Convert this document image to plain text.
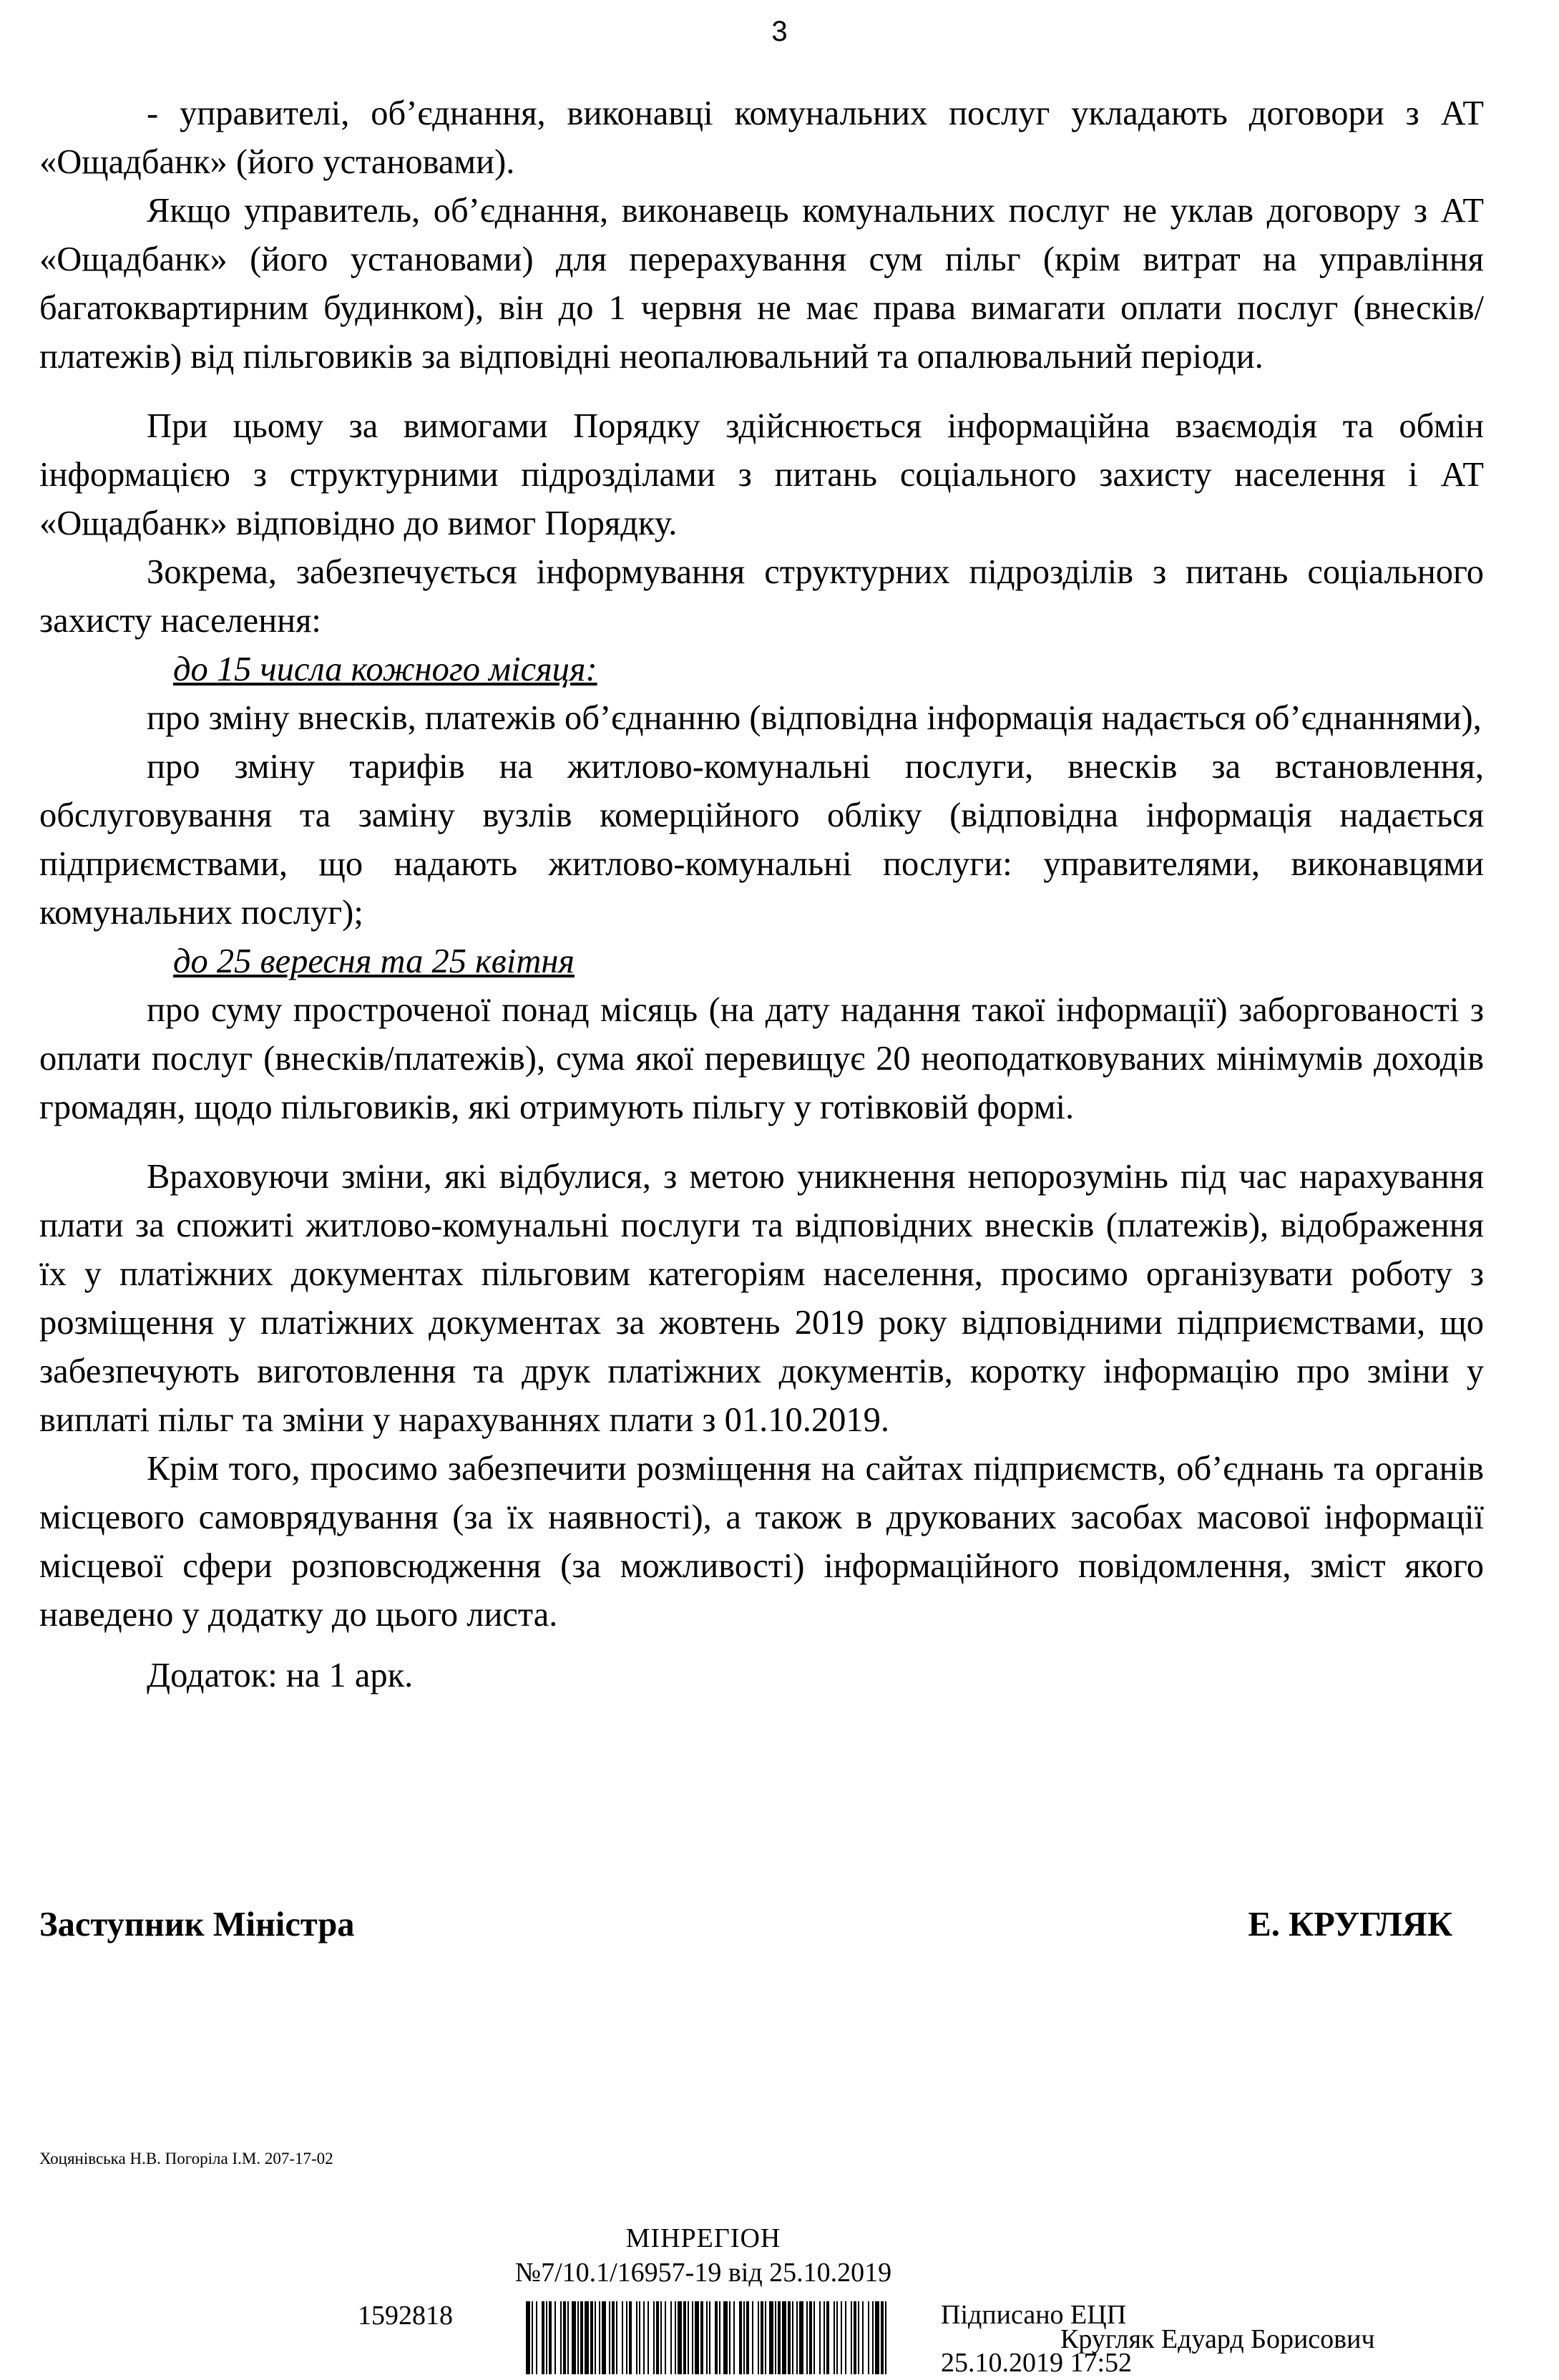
3

- управителі, об’єднання, виконавці комунальних послуг укладають договори з АТ «Ощадбанк» (його установами).

Якщо управитель, об’єднання, виконавець комунальних послуг не уклав договору з АТ «Ощадбанк» (його установами) для перерахування сум пільг (крім витрат на управління багатоквартирним будинком), він до 1 червня не має права вимагати оплати послуг (внесків/платежів) від пільговиків за відповідні неопалювальний та опалювальний періоди.

При цьому за вимогами Порядку здійснюється інформаційна взаємодія та обмін інформацією з структурними підрозділами з питань соціального захисту населення і АТ «Ощадбанк» відповідно до вимог Порядку.

Зокрема, забезпечується інформування структурних підрозділів з питань соціального захисту населення:

до 15 числа кожного місяця:

про зміну внесків, платежів об’єднанню (відповідна інформація надається об’єднаннями),

про зміну тарифів на житлово-комунальні послуги, внесків за встановлення, обслуговування та заміну вузлів комерційного обліку (відповідна інформація надається підприємствами, що надають житлово-комунальні послуги: управителями, виконавцями комунальних послуг);

до 25 вересня та 25 квітня

про суму простроченої понад місяць (на дату надання такої інформації) заборгованості з оплати послуг (внесків/платежів), сума якої перевищує 20 неоподатковуваних мінімумів доходів громадян, щодо пільговиків, які отримують пільгу у готівковій формі.

Враховуючи зміни, які відбулися, з метою уникнення непорозумінь під час нарахування плати за спожиті житлово-комунальні послуги та відповідних внесків (платежів), відображення їх у платіжних документах пільговим категоріям населення, просимо організувати роботу з розміщення у платіжних документах за жовтень 2019 року відповідними підприємствами, що забезпечують виготовлення та друк платіжних документів, коротку інформацію про зміни у виплаті пільг та зміни у нарахуваннях плати з 01.10.2019.

Крім того, просимо забезпечити розміщення на сайтах підприємств, об’єднань та органів місцевого самоврядування (за їх наявності), а також в друкованих засобах масової інформації місцевої сфери розповсюдження (за можливості) інформаційного повідомлення, зміст якого наведено у додатку до цього листа.

Додаток: на 1 арк.

Заступник Міністра	Е. КРУГЛЯК
Хоцянівська Н.В. Погоріла І.М. 207-17-02
МІНРЕГІОН
№7/10.1/16957-19 від 25.10.2019
1592818	Підписано ЕЦП
Кругляк Едуард Борисович
25.10.2019 17:52
